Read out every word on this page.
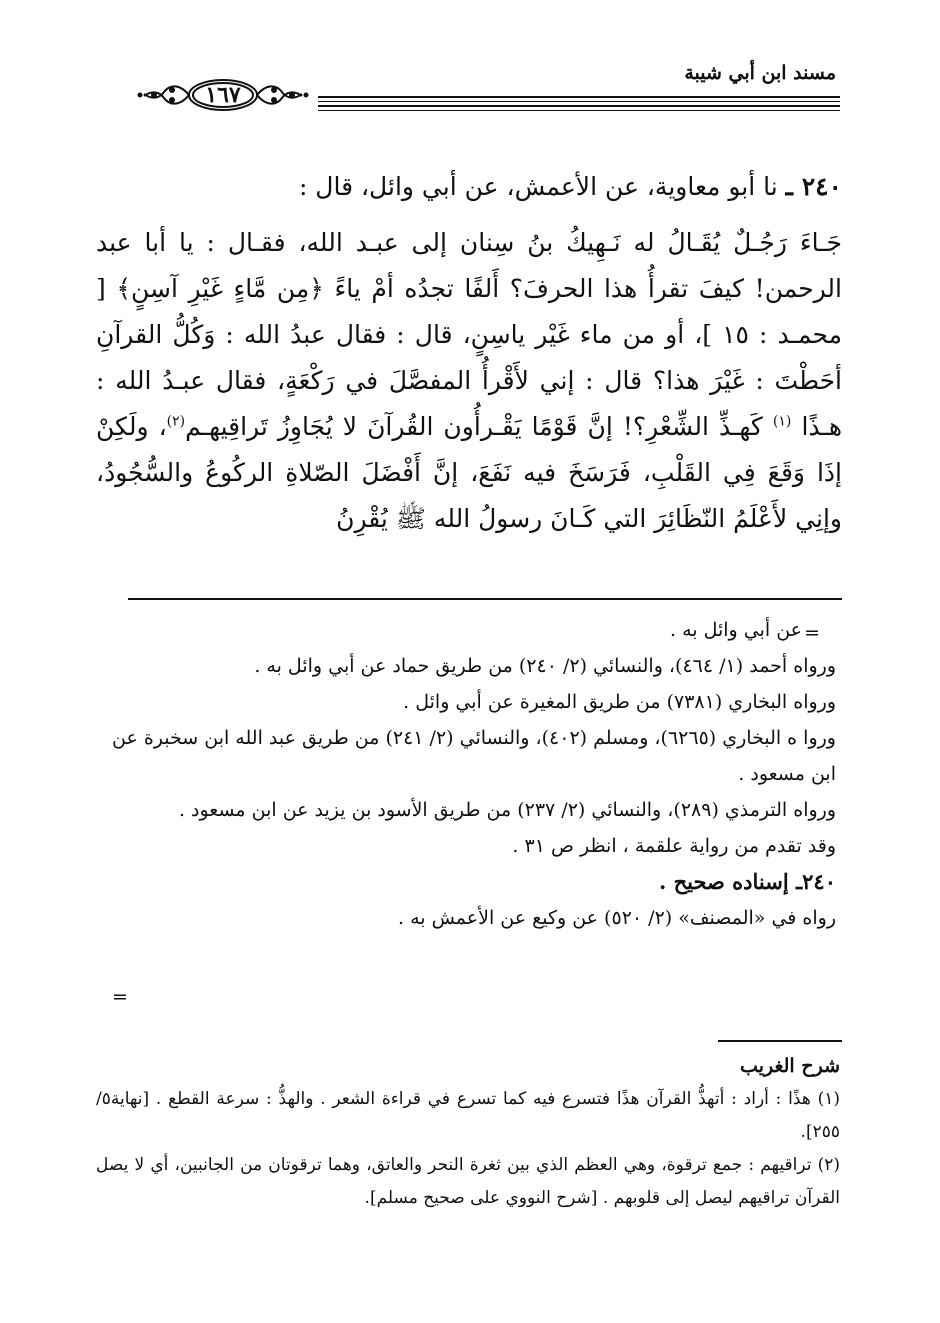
مسند ابن أبي شيبة
١٦٧

٢٤٠ ـ نا أبو معاوية، عن الأعمش، عن أبي وائل، قال :

جَـاءَ رَجُـلٌ يُقَـالُ له نَـهِيكُ بنُ سِنان إلى عبـد الله، فقـال : يا أبا عبد الرحمن! كيفَ تقرأُ هذا الحرفَ؟ أَلفًا تجدُه أمْ ياءً ﴿مِن مَّاءٍ غَيْرِ آسِنٍ﴾ [ محمـد : ١٥ ]، أو من ماء غَيْر ياسِنٍ، قال : فقال عبدُ الله : وَكُلُّ القرآنِ أحَطْتَ : غَيْرَ هذا؟ قال : إني لأَقْرأُ المفصَّلَ في رَكْعَةٍ، فقال عبـدُ الله : هـذًا $^{(١)}$ كَهـذِّ الشِّعْرِ؟! إنَّ قَوْمًا يَقْـرأُون القُرآنَ لا يُجَاوِزُ تَراقِيهـم$^{(٢)}$، ولَكِنْ إذَا وَقَعَ فِي القَلْبِ، فَرَسَخَ فيه نَفَعَ، إنَّ أَفْضَلَ الصّلاةِ الركُوعُ والسُّجُودُ، وإنِي لأَعْلَمُ النّظَائِرَ التي كَـانَ رسولُ الله ﷺ يُقْرِنُ

=

عن أبي وائل به .

ورواه أحمد (١/ ٤٦٤)، والنسائي (٢/ ٢٤٠) من طريق حماد عن أبي وائل به .

ورواه البخاري (٧٣٨١) من طريق المغيرة عن أبي وائل .

وروا ه البخاري (٦٢٦٥)، ومسلم (٤٠٢)، والنسائي (٢/ ٢٤١) من طريق عبد الله ابن سخبرة عن ابن مسعود .

ورواه الترمذي (٢٨٩)، والنسائي (٢/ ٢٣٧) من طريق الأسود بن يزيد عن ابن مسعود .

وقد تقدم من رواية علقمة ، انظر ص ٣١ .

٢٤٠ـ إسناده صحيح .

رواه في «المصنف» (٢/ ٥٢٠) عن وكيع عن الأعمش به .

=

شرح الغريب

(١) هذًا : أراد : أتهذُّ القرآن هذًا فتسرع فيه كما تسرع في قراءة الشعر . والهذُّ : سرعة القطع . [نهاية٥/ ٢٥٥].

(٢) تراقيهم : جمع ترقوة، وهي العظم الذي بين ثغرة النحر والعاتق، وهما ترقوتان من الجانبين، أي لا يصل القرآن تراقيهم ليصل إلى قلوبهم . [شرح النووي على صحيح مسلم].
